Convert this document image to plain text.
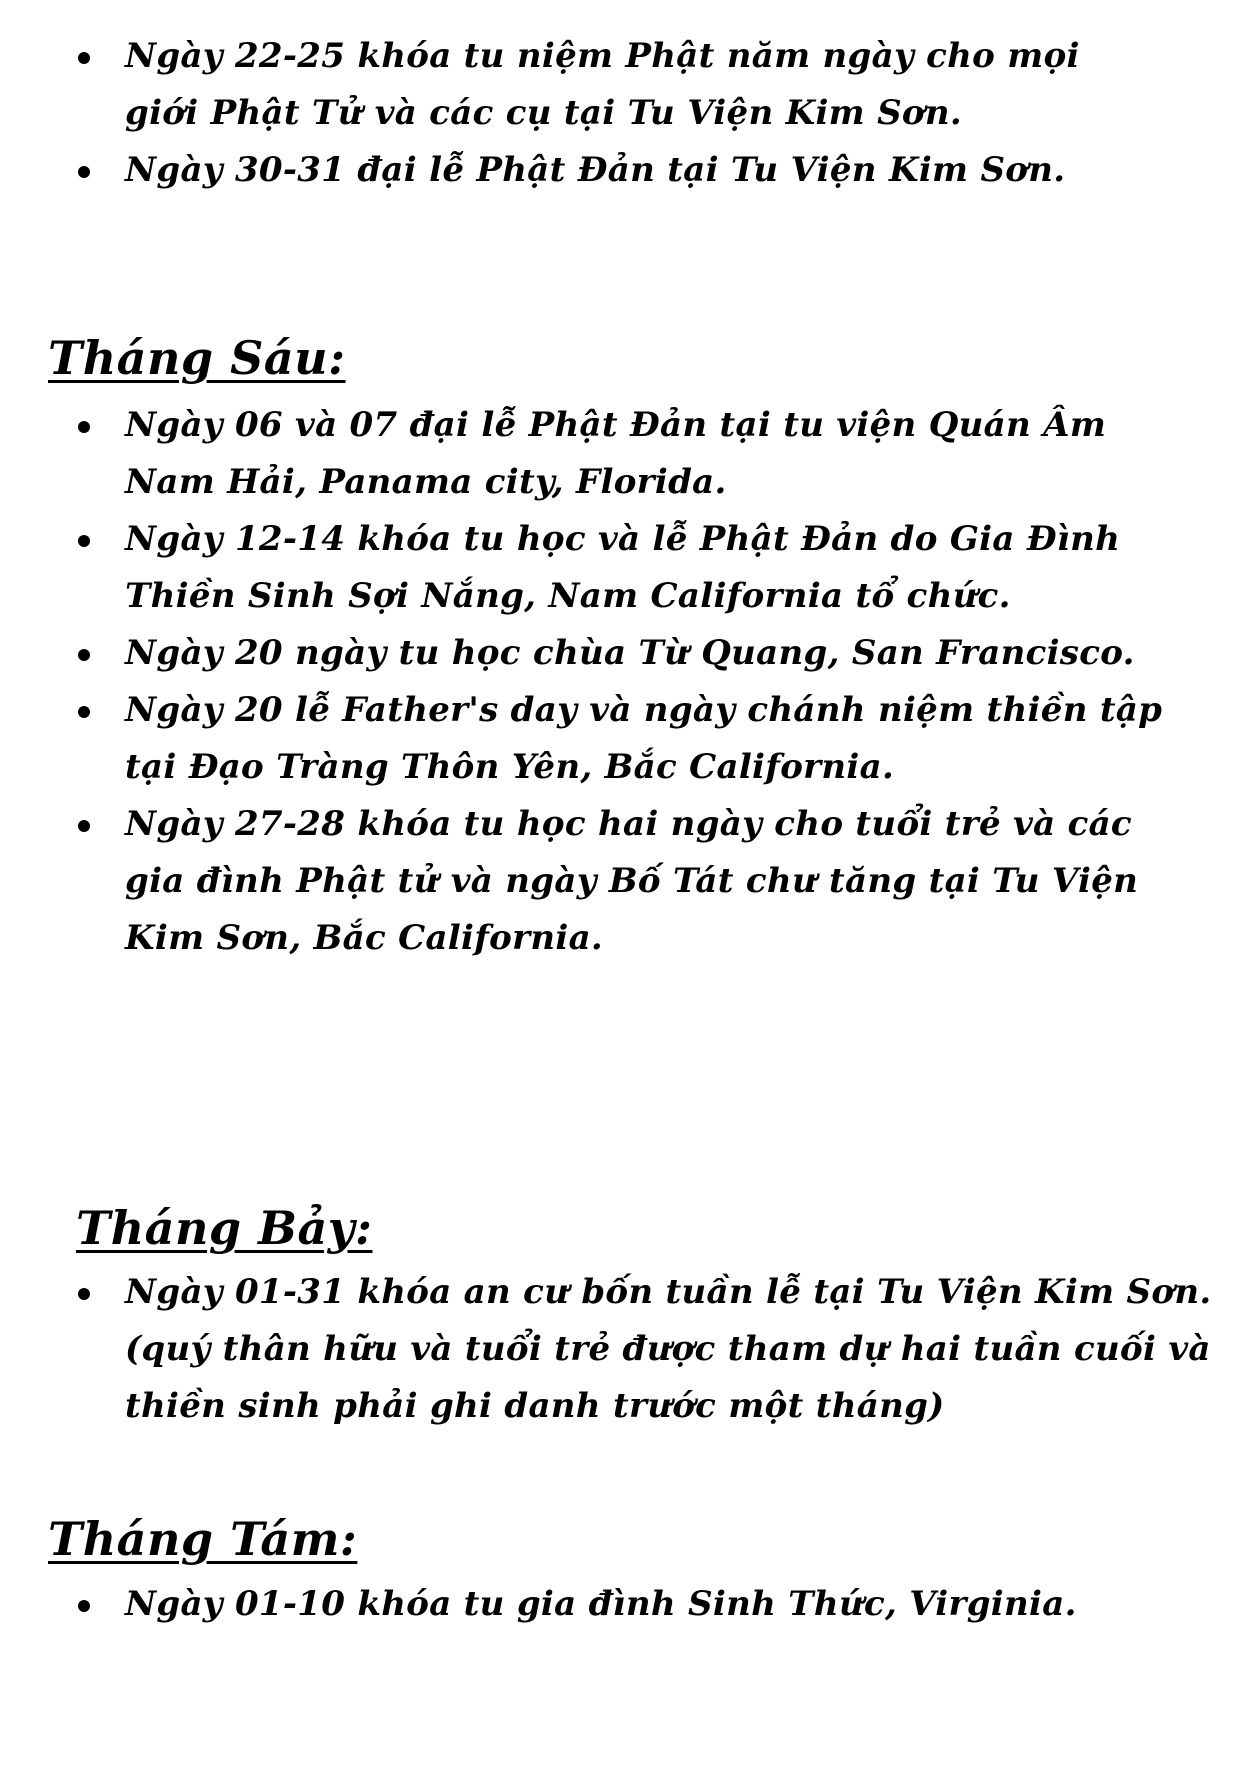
Ngày 22-25 khóa tu niệm Phật năm ngày cho mọi giới Phật Tử và các cụ tại Tu Viện Kim Sơn.
Ngày 30-31 đại lễ Phật Đản tại Tu Viện Kim Sơn.
Tháng Sáu:
Ngày 06 và 07 đại lễ Phật Đản tại tu viện Quán Âm Nam Hải, Panama city, Florida.
Ngày 12-14 khóa tu học và lễ Phật Đản do Gia Đình Thiền Sinh Sợi Nắng, Nam California tổ chức.
Ngày 20 ngày tu học chùa Từ Quang, San Francisco.
Ngày 20 lễ Father's day và ngày chánh niệm thiền tập tại Đạo Tràng Thôn Yên, Bắc California.
Ngày 27-28 khóa tu học hai ngày cho tuổi trẻ và các gia đình Phật tử và ngày Bố Tát chư tăng tại Tu Viện Kim Sơn, Bắc California.
Tháng Bảy:
Ngày 01-31 khóa an cư bốn tuần lễ tại Tu Viện Kim Sơn. (quý thân hữu và tuổi trẻ được tham dự hai tuần cuối và thiền sinh phải ghi danh trước một tháng)
Tháng Tám:
Ngày 01-10 khóa tu gia đình Sinh Thức, Virginia.
